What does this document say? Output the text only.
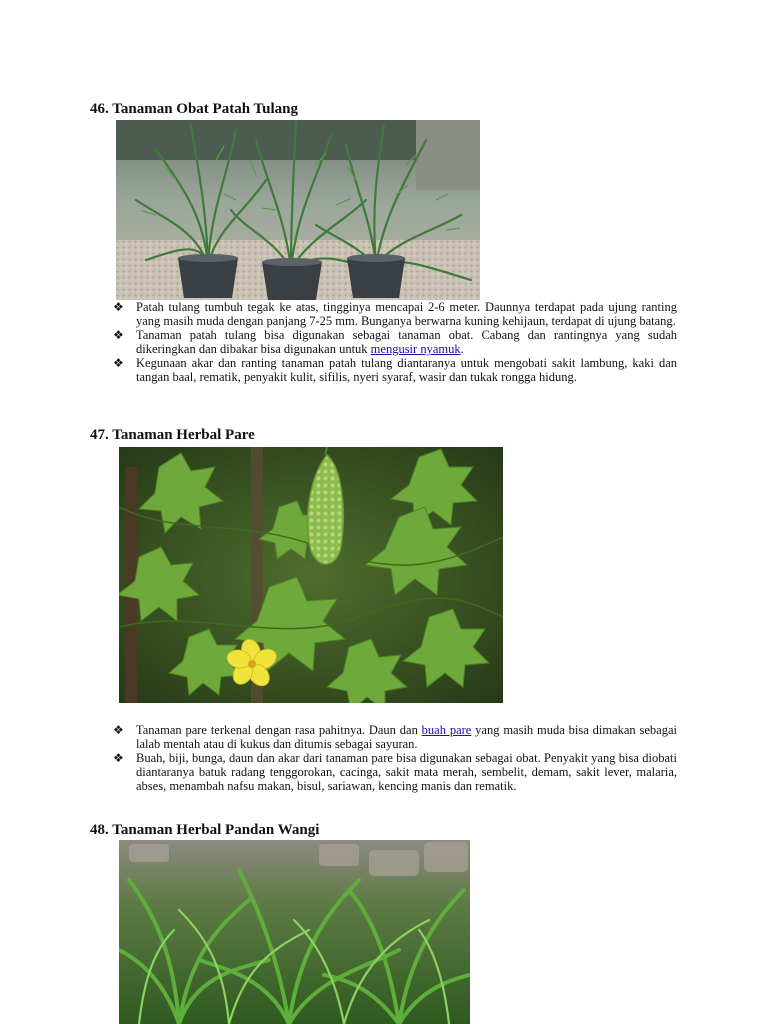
46. Tanaman Obat Patah Tulang
❖ Patah tulang tumbuh tegak ke atas, tingginya mencapai 2-6 meter. Daunnya terdapat pada ujung ranting yang masih muda dengan panjang 7-25 mm. Bunganya berwarna kuning kehijaun, terdapat di ujung batang.
❖ Tanaman patah tulang bisa digunakan sebagai tanaman obat. Cabang dan rantingnya yang sudah dikeringkan dan dibakar bisa digunakan untuk mengusir nyamuk.
❖ Kegunaan akar dan ranting tanaman patah tulang diantaranya untuk mengobati sakit lambung, kaki dan tangan baal, rematik, penyakit kulit, sifilis, nyeri syaraf, wasir dan tukak rongga hidung.
47. Tanaman Herbal Pare
❖ Tanaman pare terkenal dengan rasa pahitnya. Daun dan buah pare yang masih muda bisa dimakan sebagai lalab mentah atau di kukus dan ditumis sebagai sayuran.
❖ Buah, biji, bunga, daun dan akar dari tanaman pare bisa digunakan sebagai obat. Penyakit yang bisa diobati diantaranya batuk radang tenggorokan, cacinga, sakit mata merah, sembelit, demam, sakit lever, malaria, abses, menambah nafsu makan, bisul, sariawan, kencing manis dan rematik.
48. Tanaman Herbal Pandan Wangi
